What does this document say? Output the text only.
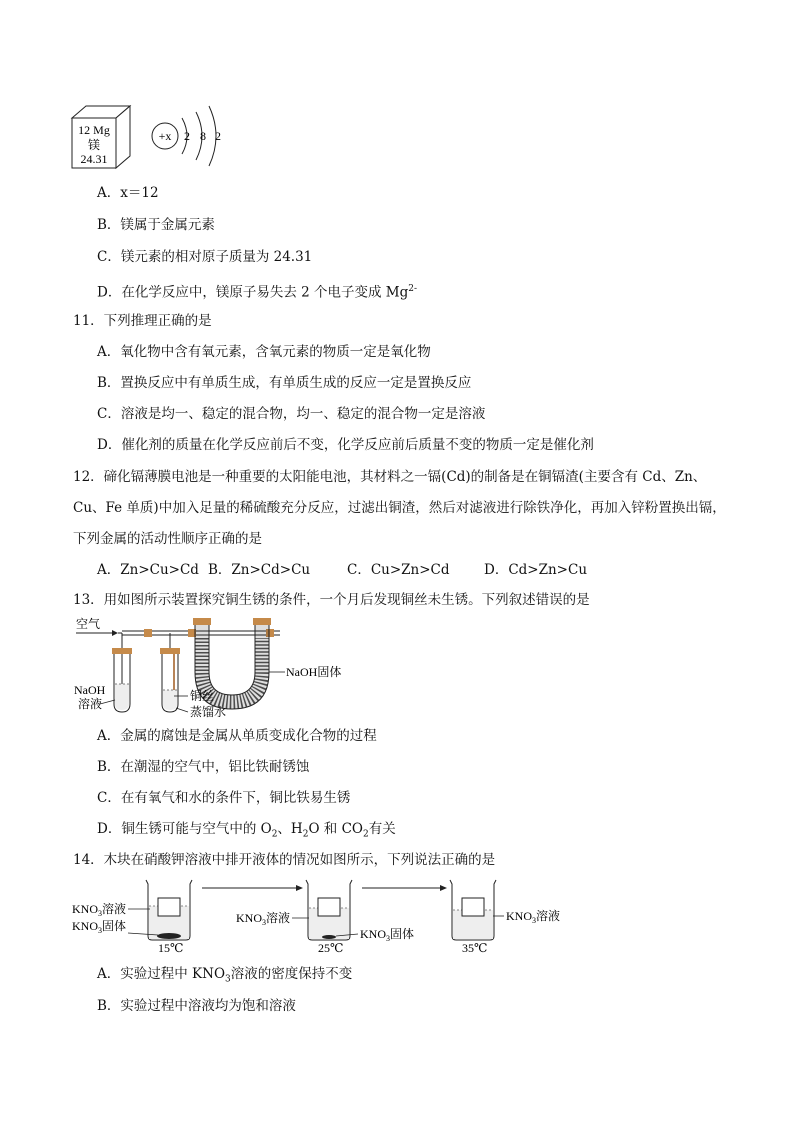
12 Mg
镁
24.31
+x 2 8 2
A．x＝12
B．镁属于金属元素
C．镁元素的相对原子质量为 24.31
D．在化学反应中，镁原子易失去 2 个电子变成 $Mg^{2-}$
11．下列推理正确的是
A．氧化物中含有氧元素，含氧元素的物质一定是氧化物
B．置换反应中有单质生成，有单质生成的反应一定是置换反应
C．溶液是均一、稳定的混合物，均一、稳定的混合物一定是溶液
D．催化剂的质量在化学反应前后不变，化学反应前后质量不变的物质一定是催化剂
12．碲化镉薄膜电池是一种重要的太阳能电池，其材料之一镉(Cd)的制备是在铜镉渣(主要含有 Cd、Zn、
Cu、Fe 单质)中加入足量的稀硫酸充分反应，过滤出铜渣，然后对滤液进行除铁净化，再加入锌粉置换出镉，
下列金属的活动性顺序正确的是
A．Zn>Cu>Cd B．Zn>Cd>Cu	C．Cu>Zn>Cd	D．Cd>Zn>Cu
13．用如图所示装置探究铜生锈的条件，一个月后发现铜丝未生锈。下列叙述错误的是
空气
NaOH固体
NaOH
溶液
铜丝
蒸馏水
A．金属的腐蚀是金属从单质变成化合物的过程
B．在潮湿的空气中，铝比铁耐锈蚀
C．在有氧气和水的条件下，铜比铁易生锈
D．铜生锈可能与空气中的 $O_2$、$H_2O$ 和 $CO_2$有关
14．木块在硝酸钾溶液中排开液体的情况如图所示，下列说法正确的是
15℃
$KNO_3$溶液
$KNO_3$固体
$KNO_3$溶液
25℃
$KNO_3$固体
35℃
$KNO_3$溶液
A．实验过程中 $KNO_3$溶液的密度保持不变
B．实验过程中溶液均为饱和溶液
